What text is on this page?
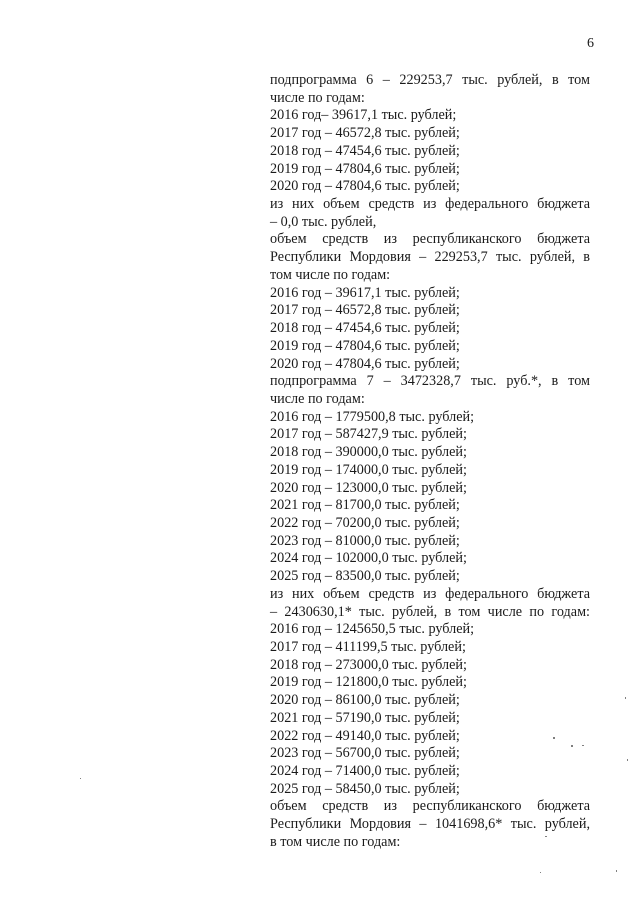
6
подпрограмма 6 – 229253,7 тыс. рублей, в том
числе по годам:
2016 год– 39617,1 тыс. рублей;
2017 год – 46572,8 тыс. рублей;
2018 год – 47454,6 тыс. рублей;
2019 год – 47804,6 тыс. рублей;
2020 год – 47804,6 тыс. рублей;
из них объем средств из федерального бюджета
– 0,0 тыс. рублей,
объем средств из республиканского бюджета
Республики Мордовия – 229253,7 тыс. рублей, в
том числе по годам:
2016 год – 39617,1 тыс. рублей;
2017 год – 46572,8 тыс. рублей;
2018 год – 47454,6 тыс. рублей;
2019 год – 47804,6 тыс. рублей;
2020 год – 47804,6 тыс. рублей;
подпрограмма 7 – 3472328,7 тыс. руб.*, в том
числе по годам:
2016 год – 1779500,8 тыс. рублей;
2017 год – 587427,9 тыс. рублей;
2018 год – 390000,0 тыс. рублей;
2019 год – 174000,0 тыс. рублей;
2020 год – 123000,0 тыс. рублей;
2021 год – 81700,0 тыс. рублей;
2022 год – 70200,0 тыс. рублей;
2023 год – 81000,0 тыс. рублей;
2024 год – 102000,0 тыс. рублей;
2025 год – 83500,0 тыс. рублей;
из них объем средств из федерального бюджета
– 2430630,1* тыс. рублей, в том числе по годам:
2016 год – 1245650,5 тыс. рублей;
2017 год – 411199,5 тыс. рублей;
2018 год – 273000,0 тыс. рублей;
2019 год – 121800,0 тыс. рублей;
2020 год – 86100,0 тыс. рублей;
2021 год – 57190,0 тыс. рублей;
2022 год – 49140,0 тыс. рублей;
2023 год – 56700,0 тыс. рублей;
2024 год – 71400,0 тыс. рублей;
2025 год – 58450,0 тыс. рублей;
объем средств из республиканского бюджета
Республики Мордовия – 1041698,6* тыс. рублей,
в том числе по годам:
